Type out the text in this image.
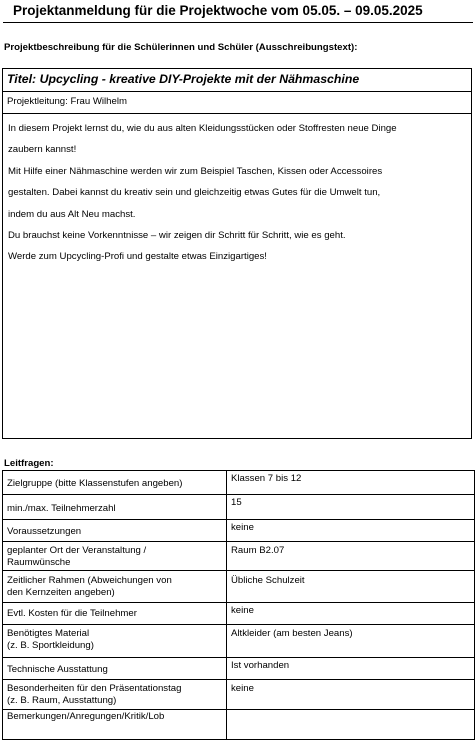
Projektanmeldung für die Projektwoche vom 05.05. – 09.05.2025
Projektbeschreibung für die Schülerinnen und Schüler (Ausschreibungstext):
Titel: Upcycling - kreative DIY-Projekte mit der Nähmaschine
Projektleitung: Frau Wilhelm

In diesem Projekt lernst du, wie du aus alten Kleidungsstücken oder Stoffresten neue Dinge

zaubern kannst!

Mit Hilfe einer Nähmaschine werden wir zum Beispiel Taschen, Kissen oder Accessoires

gestalten. Dabei kannst du kreativ sein und gleichzeitig etwas Gutes für die Umwelt tun,

indem du aus Alt Neu machst.

Du brauchst keine Vorkenntnisse – wir zeigen dir Schritt für Schritt, wie es geht.

Werde zum Upcycling-Profi und gestalte etwas Einzigartiges!

Leitfragen:
Zielgruppe (bitte Klassenstufen angeben)	Klassen 7 bis 12

min./max. Teilnehmerzahl	15

Voraussetzungen	keine

geplanter Ort der Veranstaltung /
Raumwünsche	Raum B2.07

Zeitlicher Rahmen (Abweichungen von
den Kernzeiten angeben)	Übliche Schulzeit

Evtl. Kosten für die Teilnehmer	keine

Benötigtes Material
(z. B. Sportkleidung)	Altkleider (am besten Jeans)

Technische Ausstattung	Ist vorhanden

Besonderheiten für den Präsentationstag
(z. B. Raum, Ausstattung)	keine

Bemerkungen/Anregungen/Kritik/Lob	
